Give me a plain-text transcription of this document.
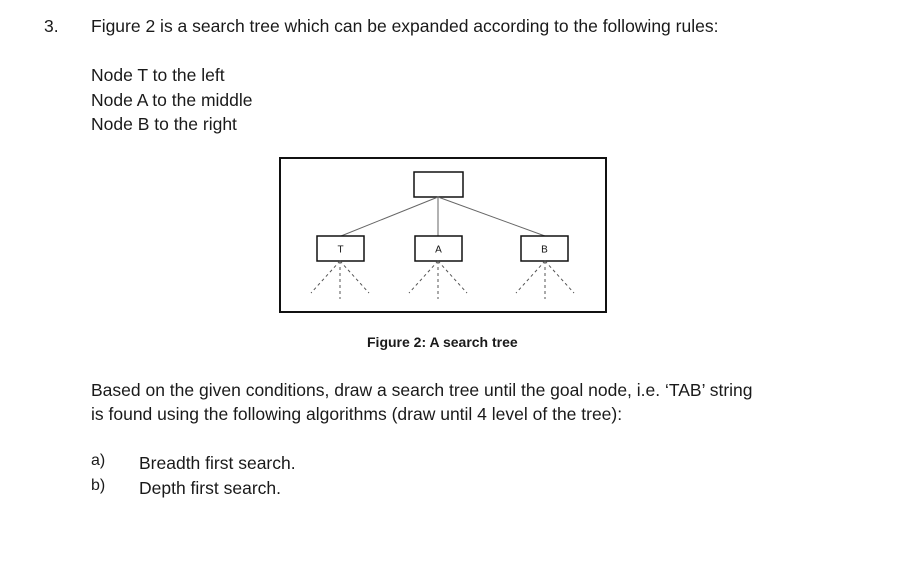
3. Figure 2 is a search tree which can be expanded according to the following rules:
Node T to the left
Node A to the middle
Node B to the right
T	A	B
Figure 2: A search tree
Based on the given conditions, draw a search tree until the goal node, i.e. ‘TAB’ string
is found using the following algorithms (draw until 4 level of the tree):
a) Breadth first search.
b) Depth first search.
